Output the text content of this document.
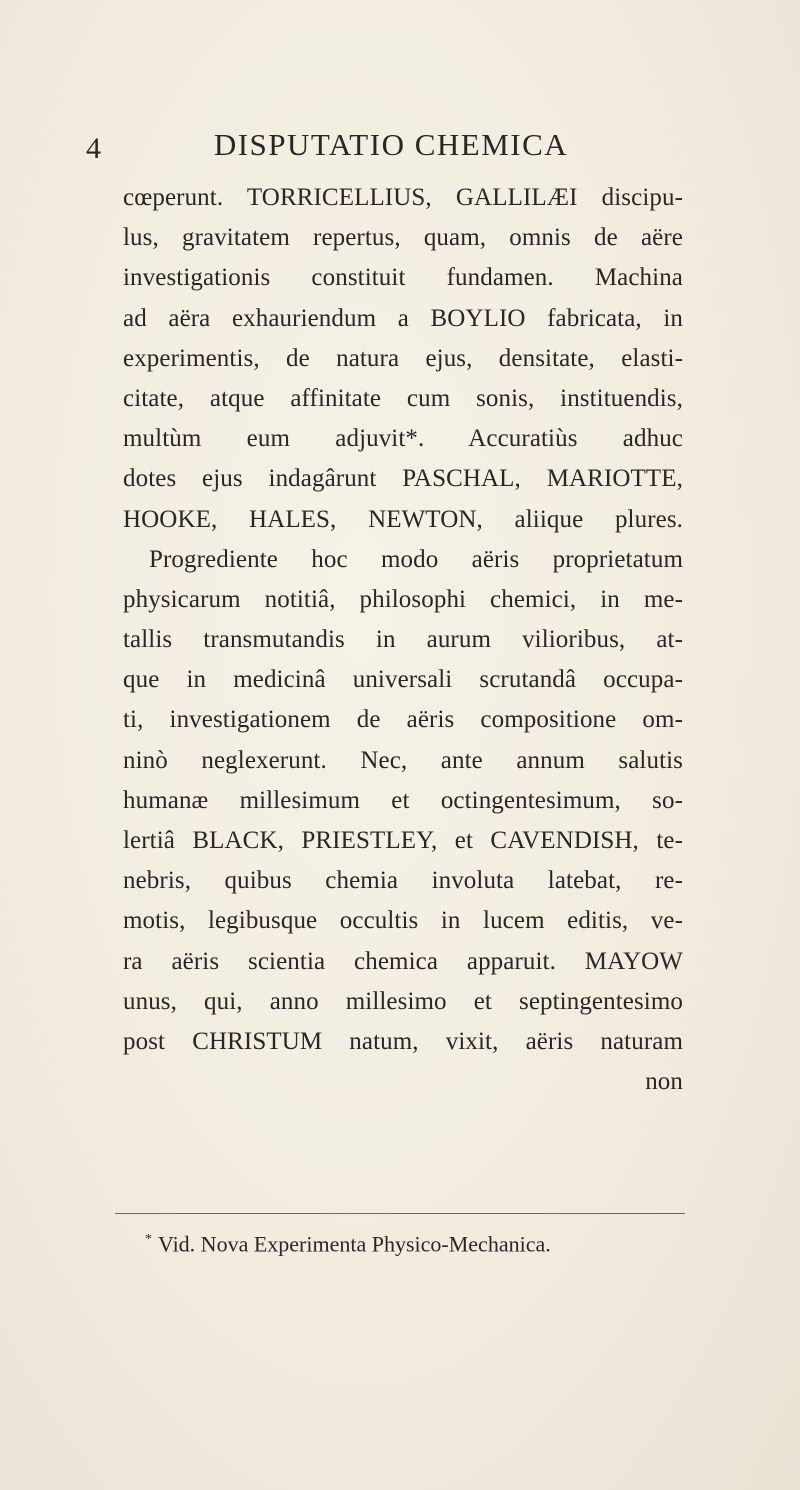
4	DISPUTATIO CHEMICA
cœperunt. TORRICELLIUS, GALLILÆI discipu-
lus, gravitatem repertus, quam, omnis de aëre
investigationis constituit fundamen. Machina
ad aëra exhauriendum a BOYLIO fabricata, in
experimentis, de natura ejus, densitate, elasti-
citate, atque affinitate cum sonis, instituendis,
multùm eum adjuvit*. Accuratiùs adhuc
dotes ejus indagârunt PASCHAL, MARIOTTE,
HOOKE, HALES, NEWTON, aliique plures.
Progrediente hoc modo aëris proprietatum
physicarum notitiâ, philosophi chemici, in me-
tallis transmutandis in aurum vilioribus, at-
que in medicinâ universali scrutandâ occupa-
ti, investigationem de aëris compositione om-
ninò neglexerunt. Nec, ante annum salutis
humanæ millesimum et octingentesimum, so-
lertiâ BLACK, PRIESTLEY, et CAVENDISH, te-
nebris, quibus chemia involuta latebat, re-
motis, legibusque occultis in lucem editis, ve-
ra aëris scientia chemica apparuit. MAYOW
unus, qui, anno millesimo et septingentesimo
post CHRISTUM natum, vixit, aëris naturam
non
* Vid. Nova Experimenta Physico-Mechanica.
